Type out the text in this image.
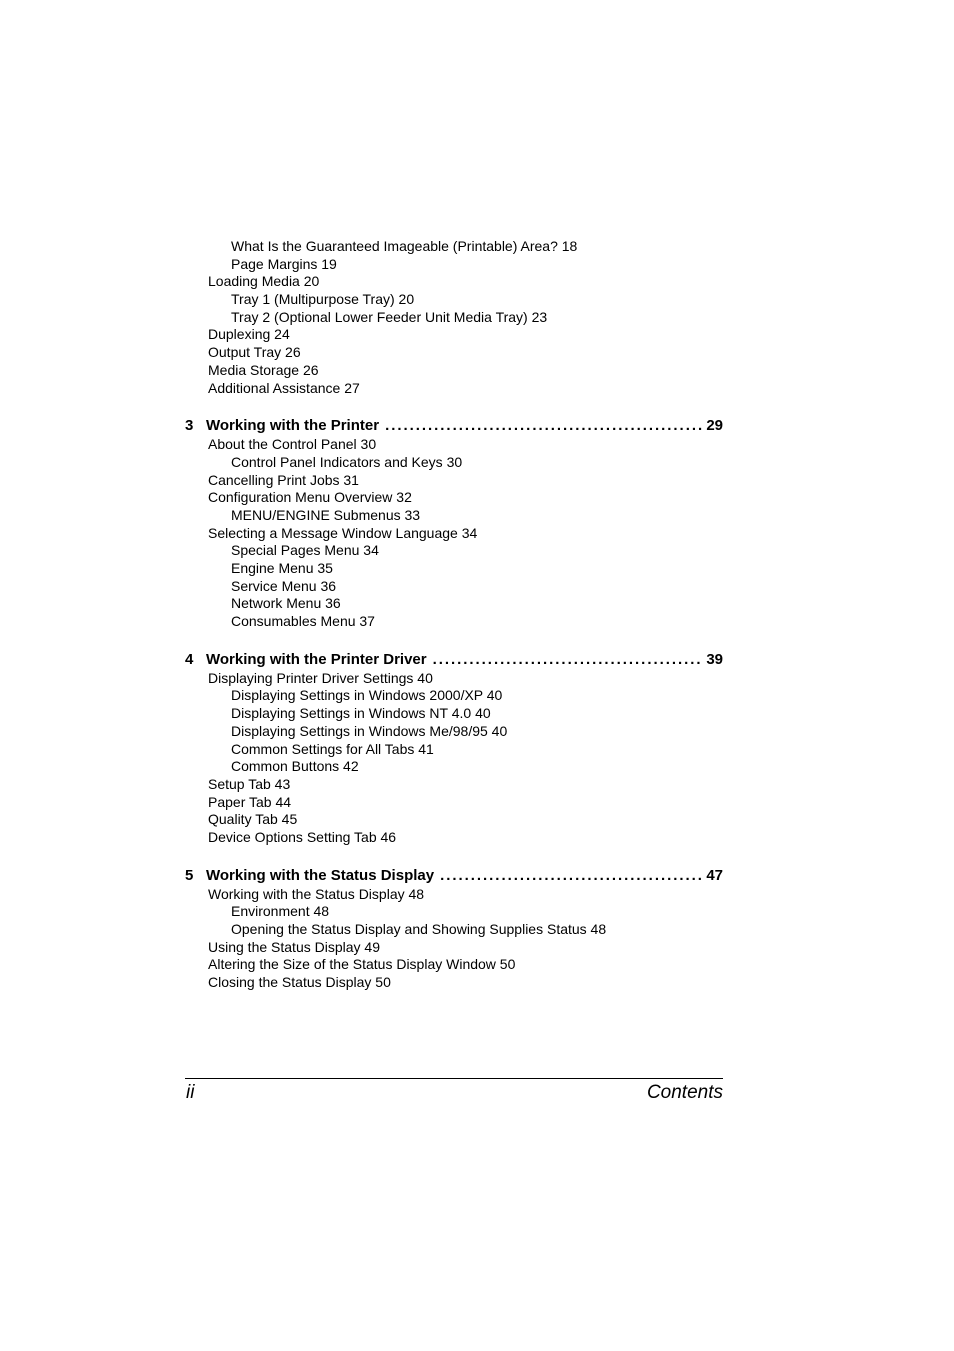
What Is the Guaranteed Imageable (Printable) Area? 18
Page Margins 19
Loading Media 20
Tray 1 (Multipurpose Tray) 20
Tray 2 (Optional Lower Feeder Unit Media Tray) 23
Duplexing 24
Output Tray 26
Media Storage 26
Additional Assistance 27
3 Working with the Printer . . .	29
About the Control Panel 30
Control Panel Indicators and Keys 30
Cancelling Print Jobs 31
Configuration Menu Overview 32
MENU/ENGINE Submenus 33
Selecting a Message Window Language 34
Special Pages Menu 34
Engine Menu 35
Service Menu 36
Network Menu 36
Consumables Menu 37
4 Working with the Printer Driver . . .	39
Displaying Printer Driver Settings 40
Displaying Settings in Windows 2000/XP 40
Displaying Settings in Windows NT 4.0 40
Displaying Settings in Windows Me/98/95 40
Common Settings for All Tabs 41
Common Buttons 42
Setup Tab 43
Paper Tab 44
Quality Tab 45
Device Options Setting Tab 46
5 Working with the Status Display . . .	47
Working with the Status Display 48
Environment 48
Opening the Status Display and Showing Supplies Status 48
Using the Status Display 49
Altering the Size of the Status Display Window 50
Closing the Status Display 50
ii	Contents
